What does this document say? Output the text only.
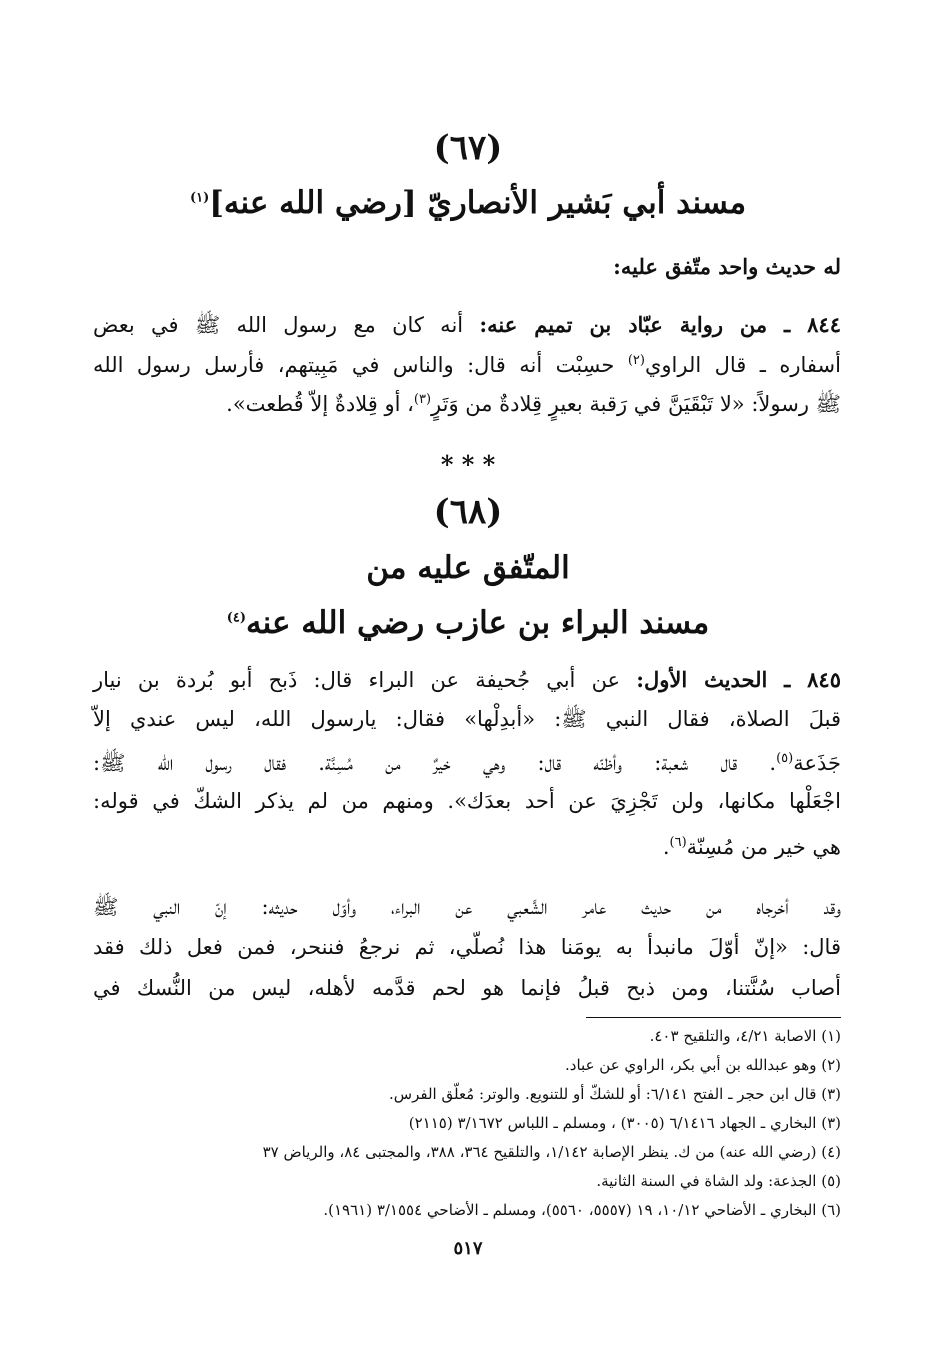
(٦٧)
مسند أبي بَشير الأنصاريّ [رضي الله عنه]$^{(١)}$
له حديث واحد متّفق عليه:
٨٤٤ ـ من رواية عبّاد بن تميم عنه: أنه كان مع رسول الله ﷺ في بعض
أسفاره ـ قال الراوي$^{(٢)}$ حسِبْت أنه قال: والناس في مَبِيتهم، فأرسل رسول الله
ﷺ رسولاً: «لا تَبْقَيَنَّ في رَقبة بعيرٍ قِلادةٌ من وَتَرٍ$^{(٣)}$، أو قِلادةٌ إلاّ قُطعت».
* * *
(٦٨)
المتّفق عليه من
مسند البراء بن عازب رضي الله عنه$^{(٤)}$
٨٤٥ ـ الحديث الأول: عن أبي جُحيفة عن البراء قال: ذَبح أبو بُردة بن نيار
قبلَ الصلاة، فقال النبي ﷺ: «أبدِلْها» فقال: يارسول الله، ليس عندي إلاّ
جَذَعة$^{(٥)}$. قال شعبة: وأظنّه قال: وهي خيرٌ من مُسِنَّة. فقال رسول الله ﷺ:
اجْعَلْها مكانها، ولن تَجْزِيَ عن أحد بعدَك». ومنهم من لم يذكر الشكّ في قوله:
هي خير من مُسِنّة$^{(٦)}$.
وقد أخرجاه من حديث عامر الشَّعبي عن البراء، وأوّل حديثه: إنّ النبي ﷺ
قال: «إنّ أوّلَ مانبدأ به يومَنا هذا نُصلّي، ثم نرجعُ فننحر، فمن فعل ذلك فقد
أصاب سُنَّتنا، ومن ذبح قبلُ فإنما هو لحم قدَّمه لأهله، ليس من النُّسك في
(١) الاصابة ٤/٢١، والتلقيح ٤٠٣.
(٢) وهو عبدالله بن أبي بكر، الراوي عن عباد.
(٣) قال ابن حجر ـ الفتح ٦/١٤١: أو للشكّ أو للتنويع. والوتر: مُعلّق الفرس.
(٣) البخاري ـ الجهاد ٦/١٤١٦ (٣٠٠٥) ، ومسلم ـ اللباس ٣/١٦٧٢ (٢١١٥)
(٤) (رضي الله عنه) من ك. ينظر الإصابة ١/١٤٢، والتلقيح ٣٦٤، ٣٨٨، والمجتبى ٨٤، والرياض ٣٧
(٥) الجذعة: ولد الشاة في السنة الثانية.
(٦) البخاري ـ الأضاحي ١٠/١٢، ١٩ (٥٥٥٧، ٥٥٦٠)، ومسلم ـ الأضاحي ٣/١٥٥٤ (١٩٦١).
٥١٧
